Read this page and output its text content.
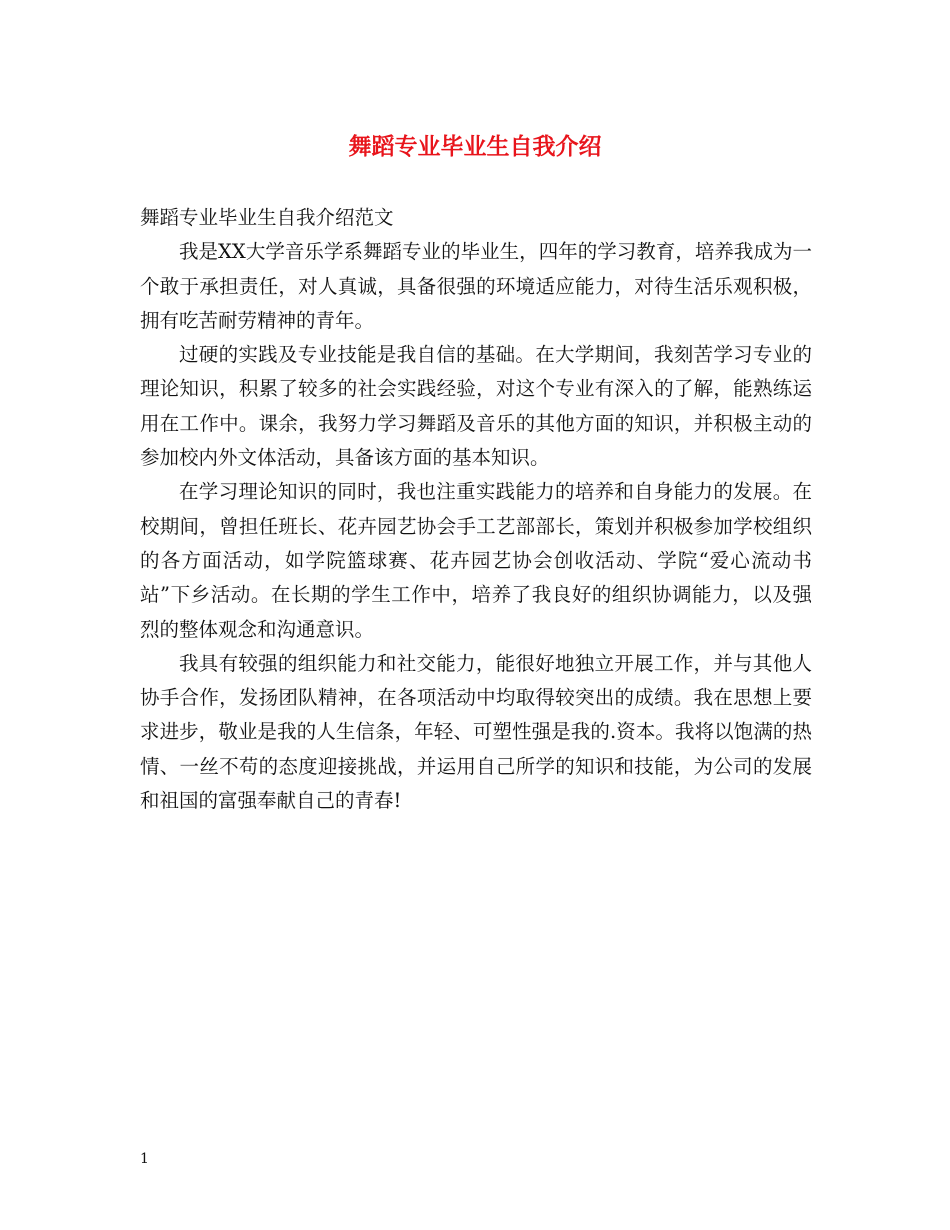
舞蹈专业毕业生自我介绍

舞蹈专业毕业生自我介绍范文

我是XX大学音乐学系舞蹈专业的毕业生，四年的学习教育，培养我成为一个敢于承担责任，对人真诚，具备很强的环境适应能力，对待生活乐观积极，拥有吃苦耐劳精神的青年。

过硬的实践及专业技能是我自信的基础。在大学期间，我刻苦学习专业的理论知识，积累了较多的社会实践经验，对这个专业有深入的了解，能熟练运用在工作中。课余，我努力学习舞蹈及音乐的其他方面的知识，并积极主动的参加校内外文体活动，具备该方面的基本知识。

在学习理论知识的同时，我也注重实践能力的培养和自身能力的发展。在校期间，曾担任班长、花卉园艺协会手工艺部部长，策划并积极参加学校组织的各方面活动，如学院篮球赛、花卉园艺协会创收活动、学院“爱心流动书站”下乡活动。在长期的学生工作中，培养了我良好的组织协调能力，以及强烈的整体观念和沟通意识。

我具有较强的组织能力和社交能力，能很好地独立开展工作，并与其他人协手合作，发扬团队精神，在各项活动中均取得较突出的成绩。我在思想上要求进步，敬业是我的人生信条，年轻、可塑性强是我的.资本。我将以饱满的热情、一丝不苟的态度迎接挑战，并运用自己所学的知识和技能，为公司的发展和祖国的富强奉献自己的青春!

1
